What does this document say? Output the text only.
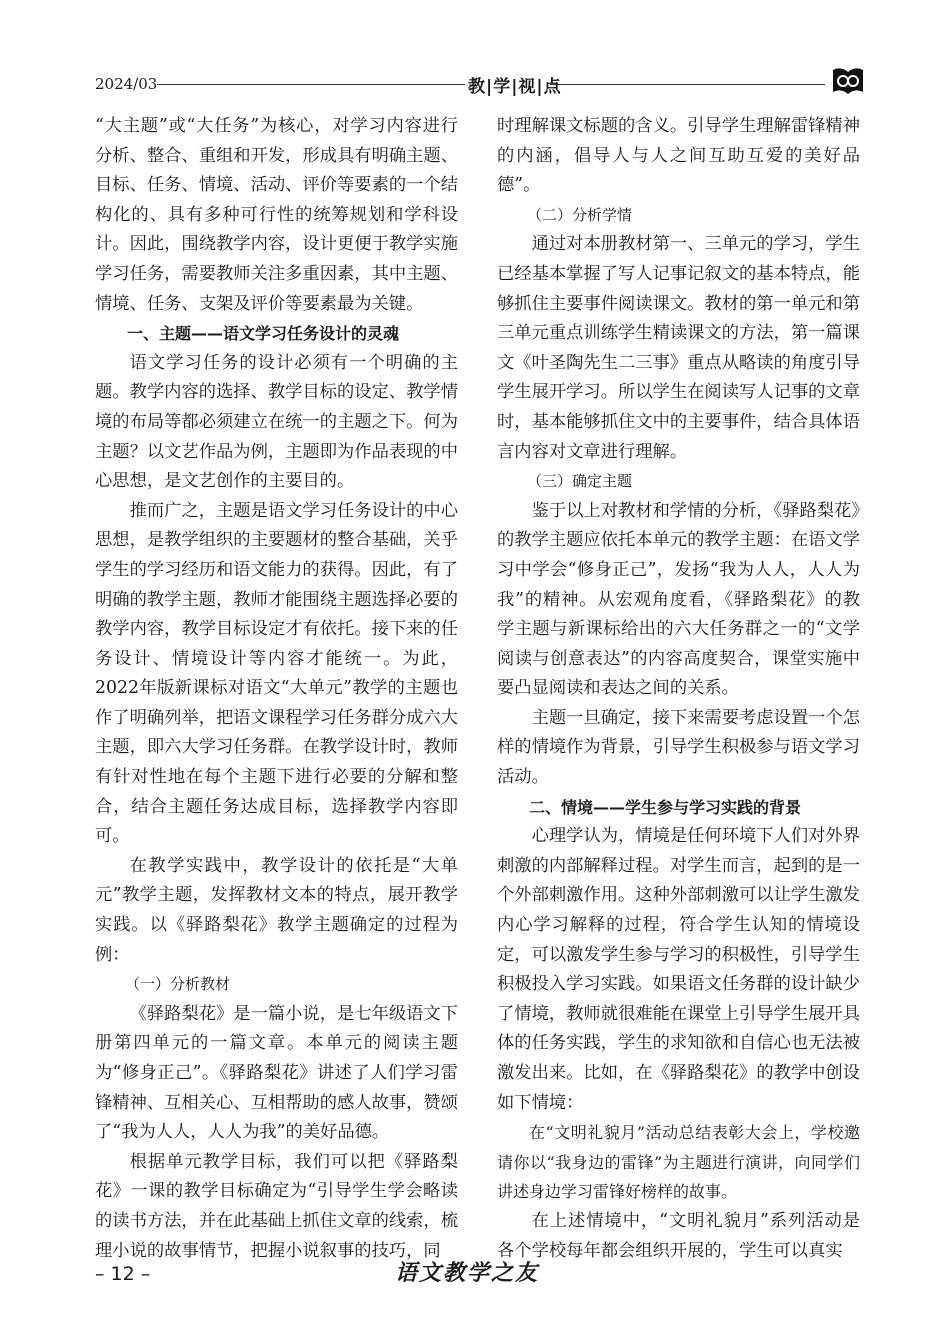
2024/03	教|学|视|点

“大主题”或“大任务”为核心，对学习内容进行分析、整合、重组和开发，形成具有明确主题、目标、任务、情境、活动、评价等要素的一个结构化的、具有多种可行性的统筹规划和学科设计。因此，围绕教学内容，设计更便于教学实施学习任务，需要教师关注多重因素，其中主题、情境、任务、支架及评价等要素最为关键。

一、主题——语文学习任务设计的灵魂

语文学习任务的设计必须有一个明确的主题。教学内容的选择、教学目标的设定、教学情境的布局等都必须建立在统一的主题之下。何为主题？以文艺作品为例，主题即为作品表现的中心思想，是文艺创作的主要目的。

推而广之，主题是语文学习任务设计的中心思想，是教学组织的主要题材的整合基础，关乎学生的学习经历和语文能力的获得。因此，有了明确的教学主题，教师才能围绕主题选择必要的教学内容，教学目标设定才有依托。接下来的任务设计、情境设计等内容才能统一。为此，2022年版新课标对语文“大单元”教学的主题也作了明确列举，把语文课程学习任务群分成六大主题，即六大学习任务群。在教学设计时，教师有针对性地在每个主题下进行必要的分解和整合，结合主题任务达成目标，选择教学内容即可。

在教学实践中，教学设计的依托是“大单元”教学主题，发挥教材文本的特点，展开教学实践。以《驿路梨花》教学主题确定的过程为例：

（一）分析教材

《驿路梨花》是一篇小说，是七年级语文下册第四单元的一篇文章。本单元的阅读主题为“修身正己”。《驿路梨花》讲述了人们学习雷锋精神、互相关心、互相帮助的感人故事，赞颂了“我为人人，人人为我”的美好品德。

根据单元教学目标，我们可以把《驿路梨花》一课的教学目标确定为“引导学生学会略读的读书方法，并在此基础上抓住文章的线索，梳理小说的故事情节，把握小说叙事的技巧，同

时理解课文标题的含义。引导学生理解雷锋精神的内涵，倡导人与人之间互助互爱的美好品德”。

（二）分析学情

通过对本册教材第一、三单元的学习，学生已经基本掌握了写人记事记叙文的基本特点，能够抓住主要事件阅读课文。教材的第一单元和第三单元重点训练学生精读课文的方法，第一篇课文《叶圣陶先生二三事》重点从略读的角度引导学生展开学习。所以学生在阅读写人记事的文章时，基本能够抓住文中的主要事件，结合具体语言内容对文章进行理解。

（三）确定主题

鉴于以上对教材和学情的分析，《驿路梨花》的教学主题应依托本单元的教学主题：在语文学习中学会“修身正己”，发扬“我为人人，人人为我”的精神。从宏观角度看，《驿路梨花》的教学主题与新课标给出的六大任务群之一的“文学阅读与创意表达”的内容高度契合，课堂实施中要凸显阅读和表达之间的关系。

主题一旦确定，接下来需要考虑设置一个怎样的情境作为背景，引导学生积极参与语文学习活动。

二、情境——学生参与学习实践的背景

心理学认为，情境是任何环境下人们对外界刺激的内部解释过程。对学生而言，起到的是一个外部刺激作用。这种外部刺激可以让学生激发内心学习解释的过程，符合学生认知的情境设定，可以激发学生参与学习的积极性，引导学生积极投入学习实践。如果语文任务群的设计缺少了情境，教师就很难能在课堂上引导学生展开具体的任务实践，学生的求知欲和自信心也无法被激发出来。比如，在《驿路梨花》的教学中创设如下情境：

在“文明礼貌月”活动总结表彰大会上，学校邀请你以“我身边的雷锋”为主题进行演讲，向同学们讲述身边学习雷锋好榜样的故事。

在上述情境中，“文明礼貌月”系列活动是各个学校每年都会组织开展的，学生可以真实

– 12 –	语文教学之友
